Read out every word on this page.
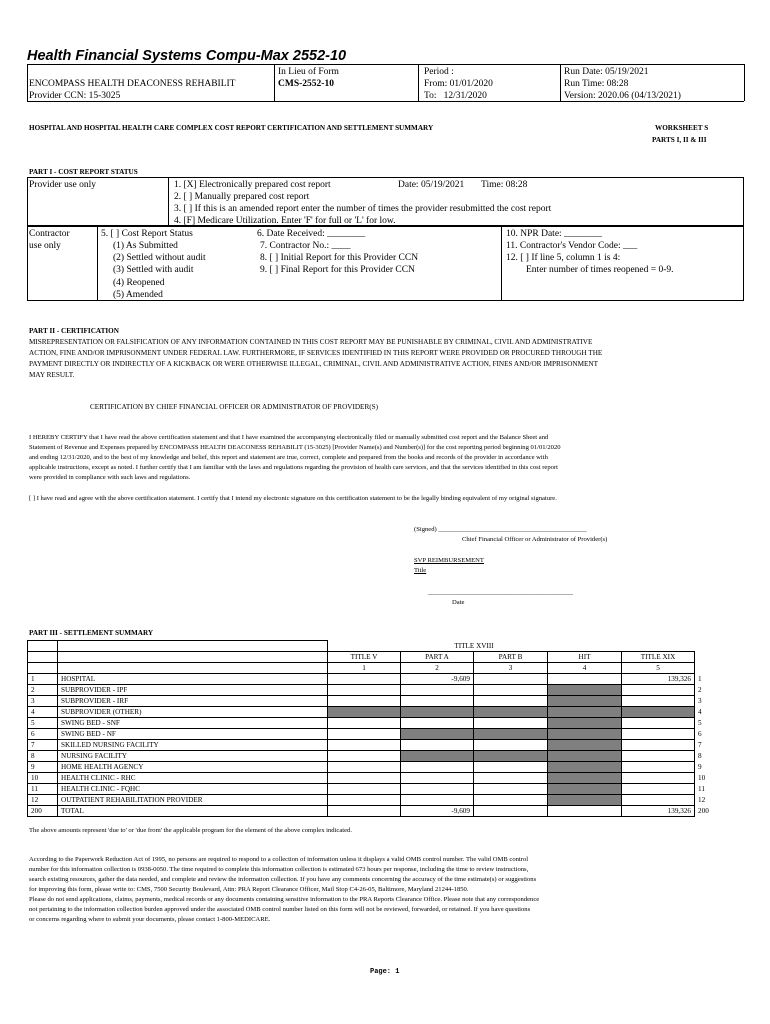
Health Financial Systems Compu-Max 2552-10
ENCOMPASS HEALTH DEACONESS REHABILIT
Provider CCN: 15-3025
In Lieu of Form
CMS-2552-10
Period :
From: 01/01/2020
To:   12/31/2020
Run Date: 05/19/2021
Run Time: 08:28
Version: 2020.06 (04/13/2021)
HOSPITAL AND HOSPITAL HEALTH CARE COMPLEX COST REPORT CERTIFICATION AND SETTLEMENT SUMMARY	WORKSHEET S
PARTS I, II & III
PART I - COST REPORT STATUS
Provider use only	1. [X] Electronically prepared cost report	Date: 05/19/2021 Time: 08:28
2. [ ] Manually prepared cost report
3. [ ] If this is an amended report enter the number of times the provider resubmitted the cost report
4. [F] Medicare Utilization. Enter 'F' for full or 'L' for low.
Contractor
use only
5. [ ] Cost Report Status
(1) As Submitted
(2) Settled without audit
(3) Settled with audit
(4) Reopened
(5) Amended
6. Date Received: ________
7. Contractor No.: ____
8. [ ] Initial Report for this Provider CCN
9. [ ] Final Report for this Provider CCN
10. NPR Date: ________
11. Contractor's Vendor Code: ___
12. [ ] If line 5, column 1 is 4:
Enter number of times reopened = 0-9.
PART II - CERTIFICATION
MISREPRESENTATION OR FALSIFICATION OF ANY INFORMATION CONTAINED IN THIS COST REPORT MAY BE PUNISHABLE BY CRIMINAL, CIVIL AND ADMINISTRATIVE
ACTION, FINE AND/OR IMPRISONMENT UNDER FEDERAL LAW. FURTHERMORE, IF SERVICES IDENTIFIED IN THIS REPORT WERE PROVIDED OR PROCURED THROUGH THE
PAYMENT DIRECTLY OR INDIRECTLY OF A KICKBACK OR WERE OTHERWISE ILLEGAL, CRIMINAL, CIVIL AND ADMINISTRATIVE ACTION, FINES AND/OR IMPRISONMENT
MAY RESULT.
CERTIFICATION BY CHIEF FINANCIAL OFFICER OR ADMINISTRATOR OF PROVIDER(S)
I HEREBY CERTIFY that I have read the above certification statement and that I have examined the accompanying electronically filed or manually submitted cost report and the Balance Sheet and
Statement of Revenue and Expenses prepared by ENCOMPASS HEALTH DEACONESS REHABILIT (15-3025) [Provider Name(s) and Number(s)] for the cost reporting period beginning 01/01/2020
and ending 12/31/2020, and to the best of my knowledge and belief, this report and statement are true, correct, complete and prepared from the books and records of the provider in accordance with
applicable instructions, except as noted. I further certify that I am familiar with the laws and regulations regarding the provision of health care services, and that the services identified in this cost report
were provided in compliance with such laws and regulations.
[ ] I have read and agree with the above certification statement. I certify that I intend my electronic signature on this certification statement to be the legally binding equivalent of my original signature.
(Signed) _____________________________________________
Chief Financial Officer or Administrator of Provider(s)
SVP REIMBURSEMENT
Title
____________________________________________
Date
PART III - SETTLEMENT SUMMARY
			TITLE XVIII				
		TITLE V	PART A	PART B	HIT	TITLE XIX	
		1	2	3	4	5	
1	HOSPITAL		-9,609			139,326	1
2	SUBPROVIDER - IPF						2
3	SUBPROVIDER - IRF						3
4	SUBPROVIDER (OTHER)						4
5	SWING BED - SNF						5
6	SWING BED - NF						6
7	SKILLED NURSING FACILITY						7
8	NURSING FACILITY						8
9	HOME HEALTH AGENCY						9
10	HEALTH CLINIC - RHC						10
11	HEALTH CLINIC - FQHC						11
12	OUTPATIENT REHABILITATION PROVIDER						12
200	TOTAL		-9,609			139,326	200
The above amounts represent 'due to' or 'due from' the applicable program for the element of the above complex indicated.
According to the Paperwork Reduction Act of 1995, no persons are required to respond to a collection of information unless it displays a valid OMB control number. The valid OMB control
number for this information collection is 0938-0050. The time required to complete this information collection is estimated 673 hours per response, including the time to review instructions,
search existing resources, gather the data needed, and complete and review the information collection. If you have any comments concerning the accuracy of the time estimate(s) or suggestions
for improving this form, please write to: CMS, 7500 Security Boulevard, Attn: PRA Report Clearance Officer, Mail Stop C4-26-05, Baltimore, Maryland 21244-1850.
Please do not send applications, claims, payments, medical records or any documents containing sensitive information to the PRA Reports Clearance Office. Please note that any correspondence
not pertaining to the information collection burden approved under the associated OMB control number listed on this form will not be reviewed, forwarded, or retained. If you have questions
or concerns regarding where to submit your documents, please contact 1-800-MEDICARE.
Page: 1
